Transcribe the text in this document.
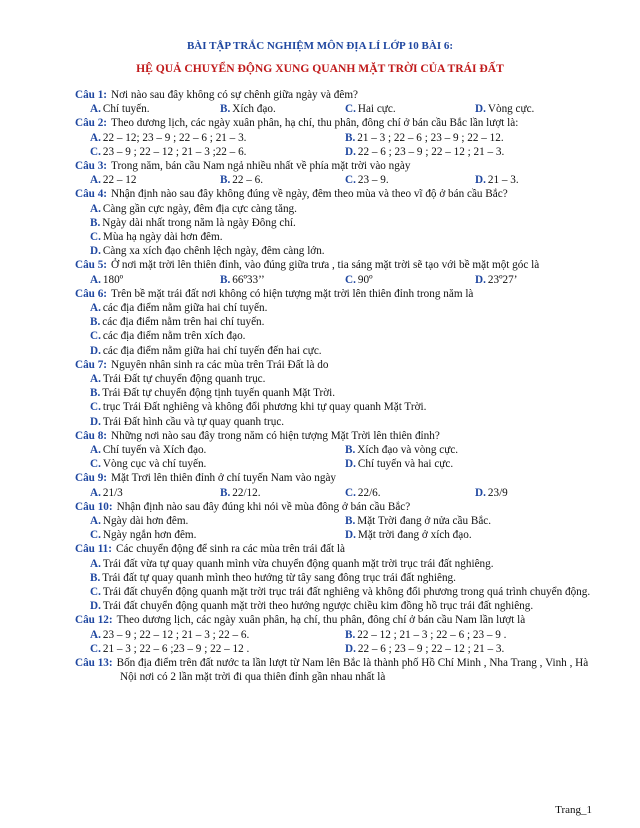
BÀI TẬP TRẮC NGHIỆM MÔN ĐỊA LÍ LỚP 10 BÀI 6:
HỆ QUẢ CHUYỂN ĐỘNG XUNG QUANH MẶT TRỜI CỦA TRÁI ĐẤT
Câu 1: Nơi nào sau đây không có sự chênh giữa ngày và đêm?
A. Chí tuyến.	B. Xích đạo.	C. Hai cực.	D. Vòng cực.
Câu 2: Theo dương lịch, các ngày xuân phân, hạ chí, thu phân, đông chí ở bán cầu Bắc lần lượt là:
A. 22 – 12; 23 – 9 ; 22 – 6 ; 21 – 3.	B. 21 – 3 ; 22 – 6 ; 23 – 9 ; 22 – 12.
C. 23 – 9 ; 22 – 12 ; 21 – 3 ;22 – 6.	D. 22 – 6 ; 23 – 9 ; 22 – 12 ; 21 – 3.
Câu 3: Trong năm, bán cầu Nam ngả nhiều nhất về phía mặt trời vào ngày
A. 22 – 12	B. 22 – 6.	C. 23 – 9.	D. 21 – 3.
Câu 4: Nhận định nào sau đây không đúng về ngày, đêm theo mùa và theo vĩ độ ở bán cầu Bắc?
A. Càng gần cực ngày, đêm địa cực càng tăng.
B. Ngày dài nhất trong năm là ngày Đông chí.
C. Mùa hạ ngày dài hơn đêm.
D. Càng xa xích đạo chênh lệch ngày, đêm càng lớn.
Câu 5: Ở nơi mặt trời lên thiên đỉnh, vào đúng giữa trưa , tia sáng mặt trời sẽ tạo với bề mặt một góc là
A. 180º	B. 66º33’’	C. 90º	D. 23º27’
Câu 6: Trên bề mặt trái đất nơi không có hiện tượng mặt trời lên thiên đỉnh trong năm là
A. các địa điểm nằm giữa hai chí tuyến.
B. các địa điểm nằm trên hai chí tuyến.
C. các địa điểm nằm trên xích đạo.
D. các địa điểm nằm giữa hai chí tuyến đến hai cực.
Câu 7: Nguyên nhân sinh ra các mùa trên Trái Đất là do
A. Trái Đất tự chuyển động quanh trục.
B. Trái Đất tự chuyển động tịnh tuyến quanh Mặt Trời.
C. trục Trái Đất nghiêng và không đổi phương khi tự quay quanh Mặt Trời.
D. Trái Đất hình cầu và tự quay quanh trục.
Câu 8: Những nơi nào sau đây trong năm có hiện tượng Mặt Trời lên thiên đỉnh?
A. Chí tuyến và Xích đạo.	B. Xích đạo và vòng cực.
C. Vòng cục và chí tuyến.	D. Chí tuyến và hai cực.
Câu 9: Mặt Trơi lên thiên đỉnh ở chí tuyến Nam vào ngày
A. 21/3	B. 22/12.	C. 22/6.	D. 23/9
Câu 10: Nhận định nào sau đây đúng khi nói về mùa đông ở bán cầu Bắc?
A. Ngày dài hơn đêm.	B. Mặt Trời đang ở nửa cầu Bắc.
C. Ngày ngắn hơn đêm.	D. Mặt trời đang ở xích đạo.
Câu 11: Các chuyển động để sinh ra các mùa trên trái đất là
A. Trái đất vừa tự quay quanh mình vừa chuyển động quanh mặt trời trục trái đất nghiêng.
B. Trái đất tự quay quanh mình theo hướng từ tây sang đông trục trái đất nghiêng.
C. Trái đất chuyển động quanh mặt trời trục trái đất nghiêng và không đổi phương trong quá trình chuyển động.
D. Trái đất chuyển động quanh mặt trời theo hướng ngược chiều kim đồng hồ trục trái đất nghiêng.
Câu 12: Theo dương lịch, các ngày xuân phân, hạ chí, thu phân, đông chí ở bán cầu Nam lần lượt là
A. 23 – 9 ; 22 – 12 ; 21 – 3 ; 22 – 6.	B. 22 – 12 ; 21 – 3 ; 22 – 6 ; 23 – 9 .
C. 21 – 3 ; 22 – 6 ;23 – 9 ; 22 – 12 .	D. 22 – 6 ; 23 – 9 ; 22 – 12 ; 21 – 3.
Câu 13: Bốn địa điểm trên đất nước ta lần lượt từ Nam lên Bắc là thành phố Hồ Chí Minh , Nha Trang , Vinh , Hà Nội nơi có 2 lần mặt trời đi qua thiên đỉnh gần nhau nhất là
Trang_1
